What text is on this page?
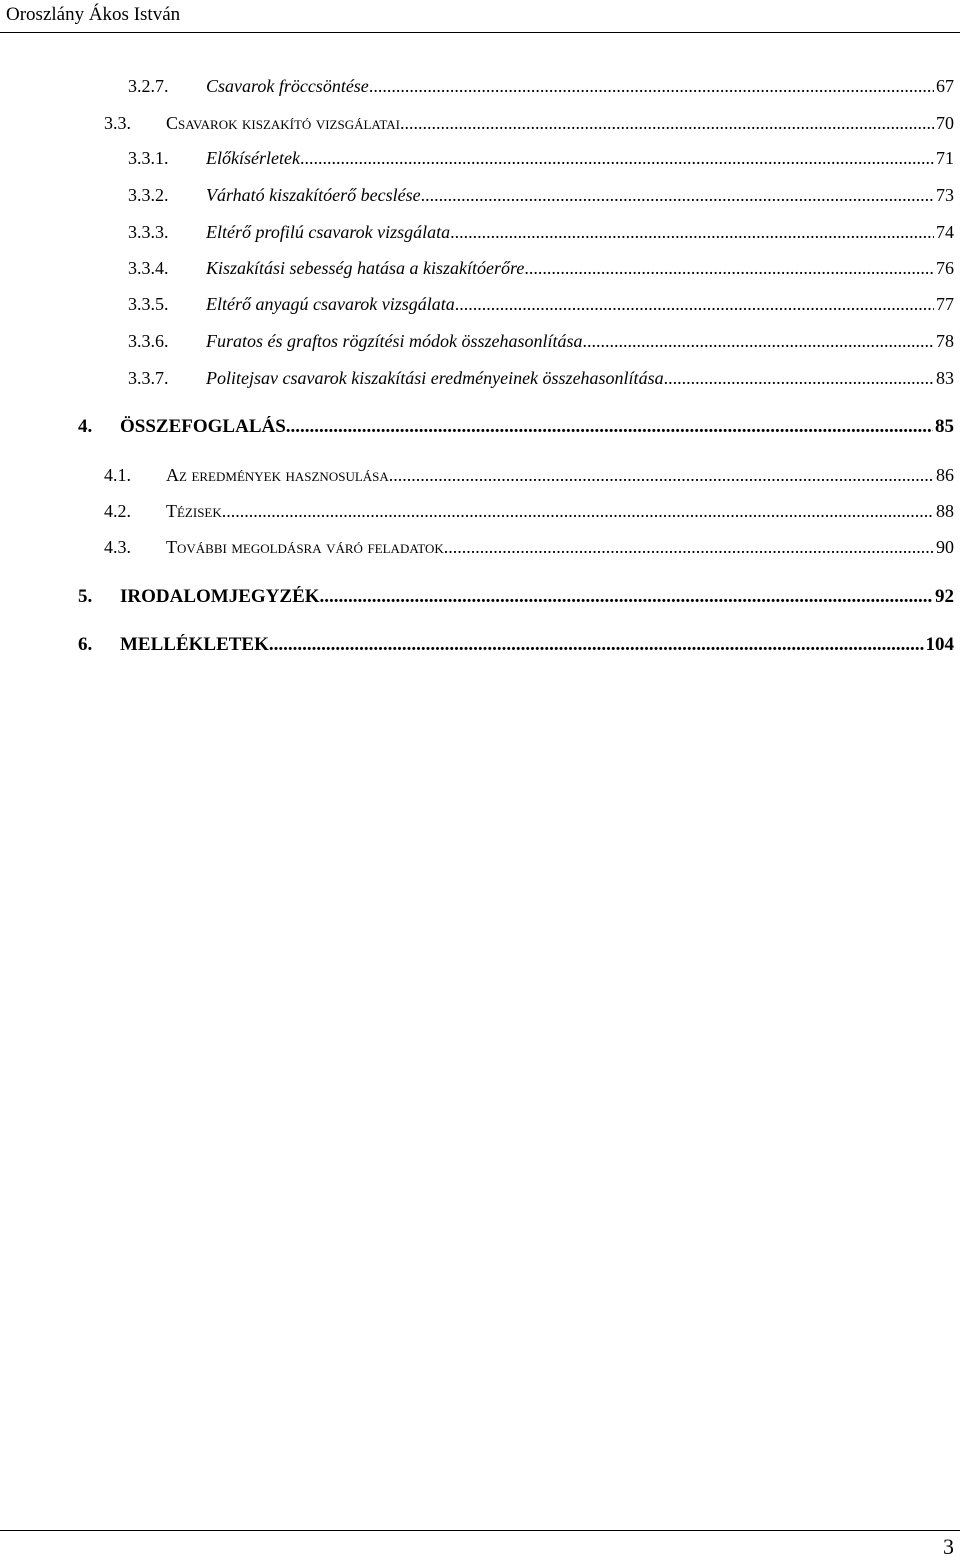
Oroszlány Ákos István
3.2.7.	Csavarok fröccsöntése .....	67
3.3.	Csavarok kiszakító vizsgálatai .....	70
3.3.1.	Előkísérletek .....	71
3.3.2.	Várható kiszakítóerő becslése .....	73
3.3.3.	Eltérő profilú csavarok vizsgálata .....	74
3.3.4.	Kiszakítási sebesség hatása a kiszakítóerőre .....	76
3.3.5.	Eltérő anyagú csavarok vizsgálata .....	77
3.3.6.	Furatos és graftos rögzítési módok összehasonlítása .....	78
3.3.7.	Politejsav csavarok kiszakítási eredményeinek összehasonlítása .....	83
4.	ÖSSZEFOGLALÁS .....	85
4.1.	Az eredmények hasznosulása .....	86
4.2.	Tézisek .....	88
4.3.	További megoldásra váró feladatok .....	90
5.	IRODALOMJEGYZÉK .....	92
6.	MELLÉKLETEK .....	104
3
